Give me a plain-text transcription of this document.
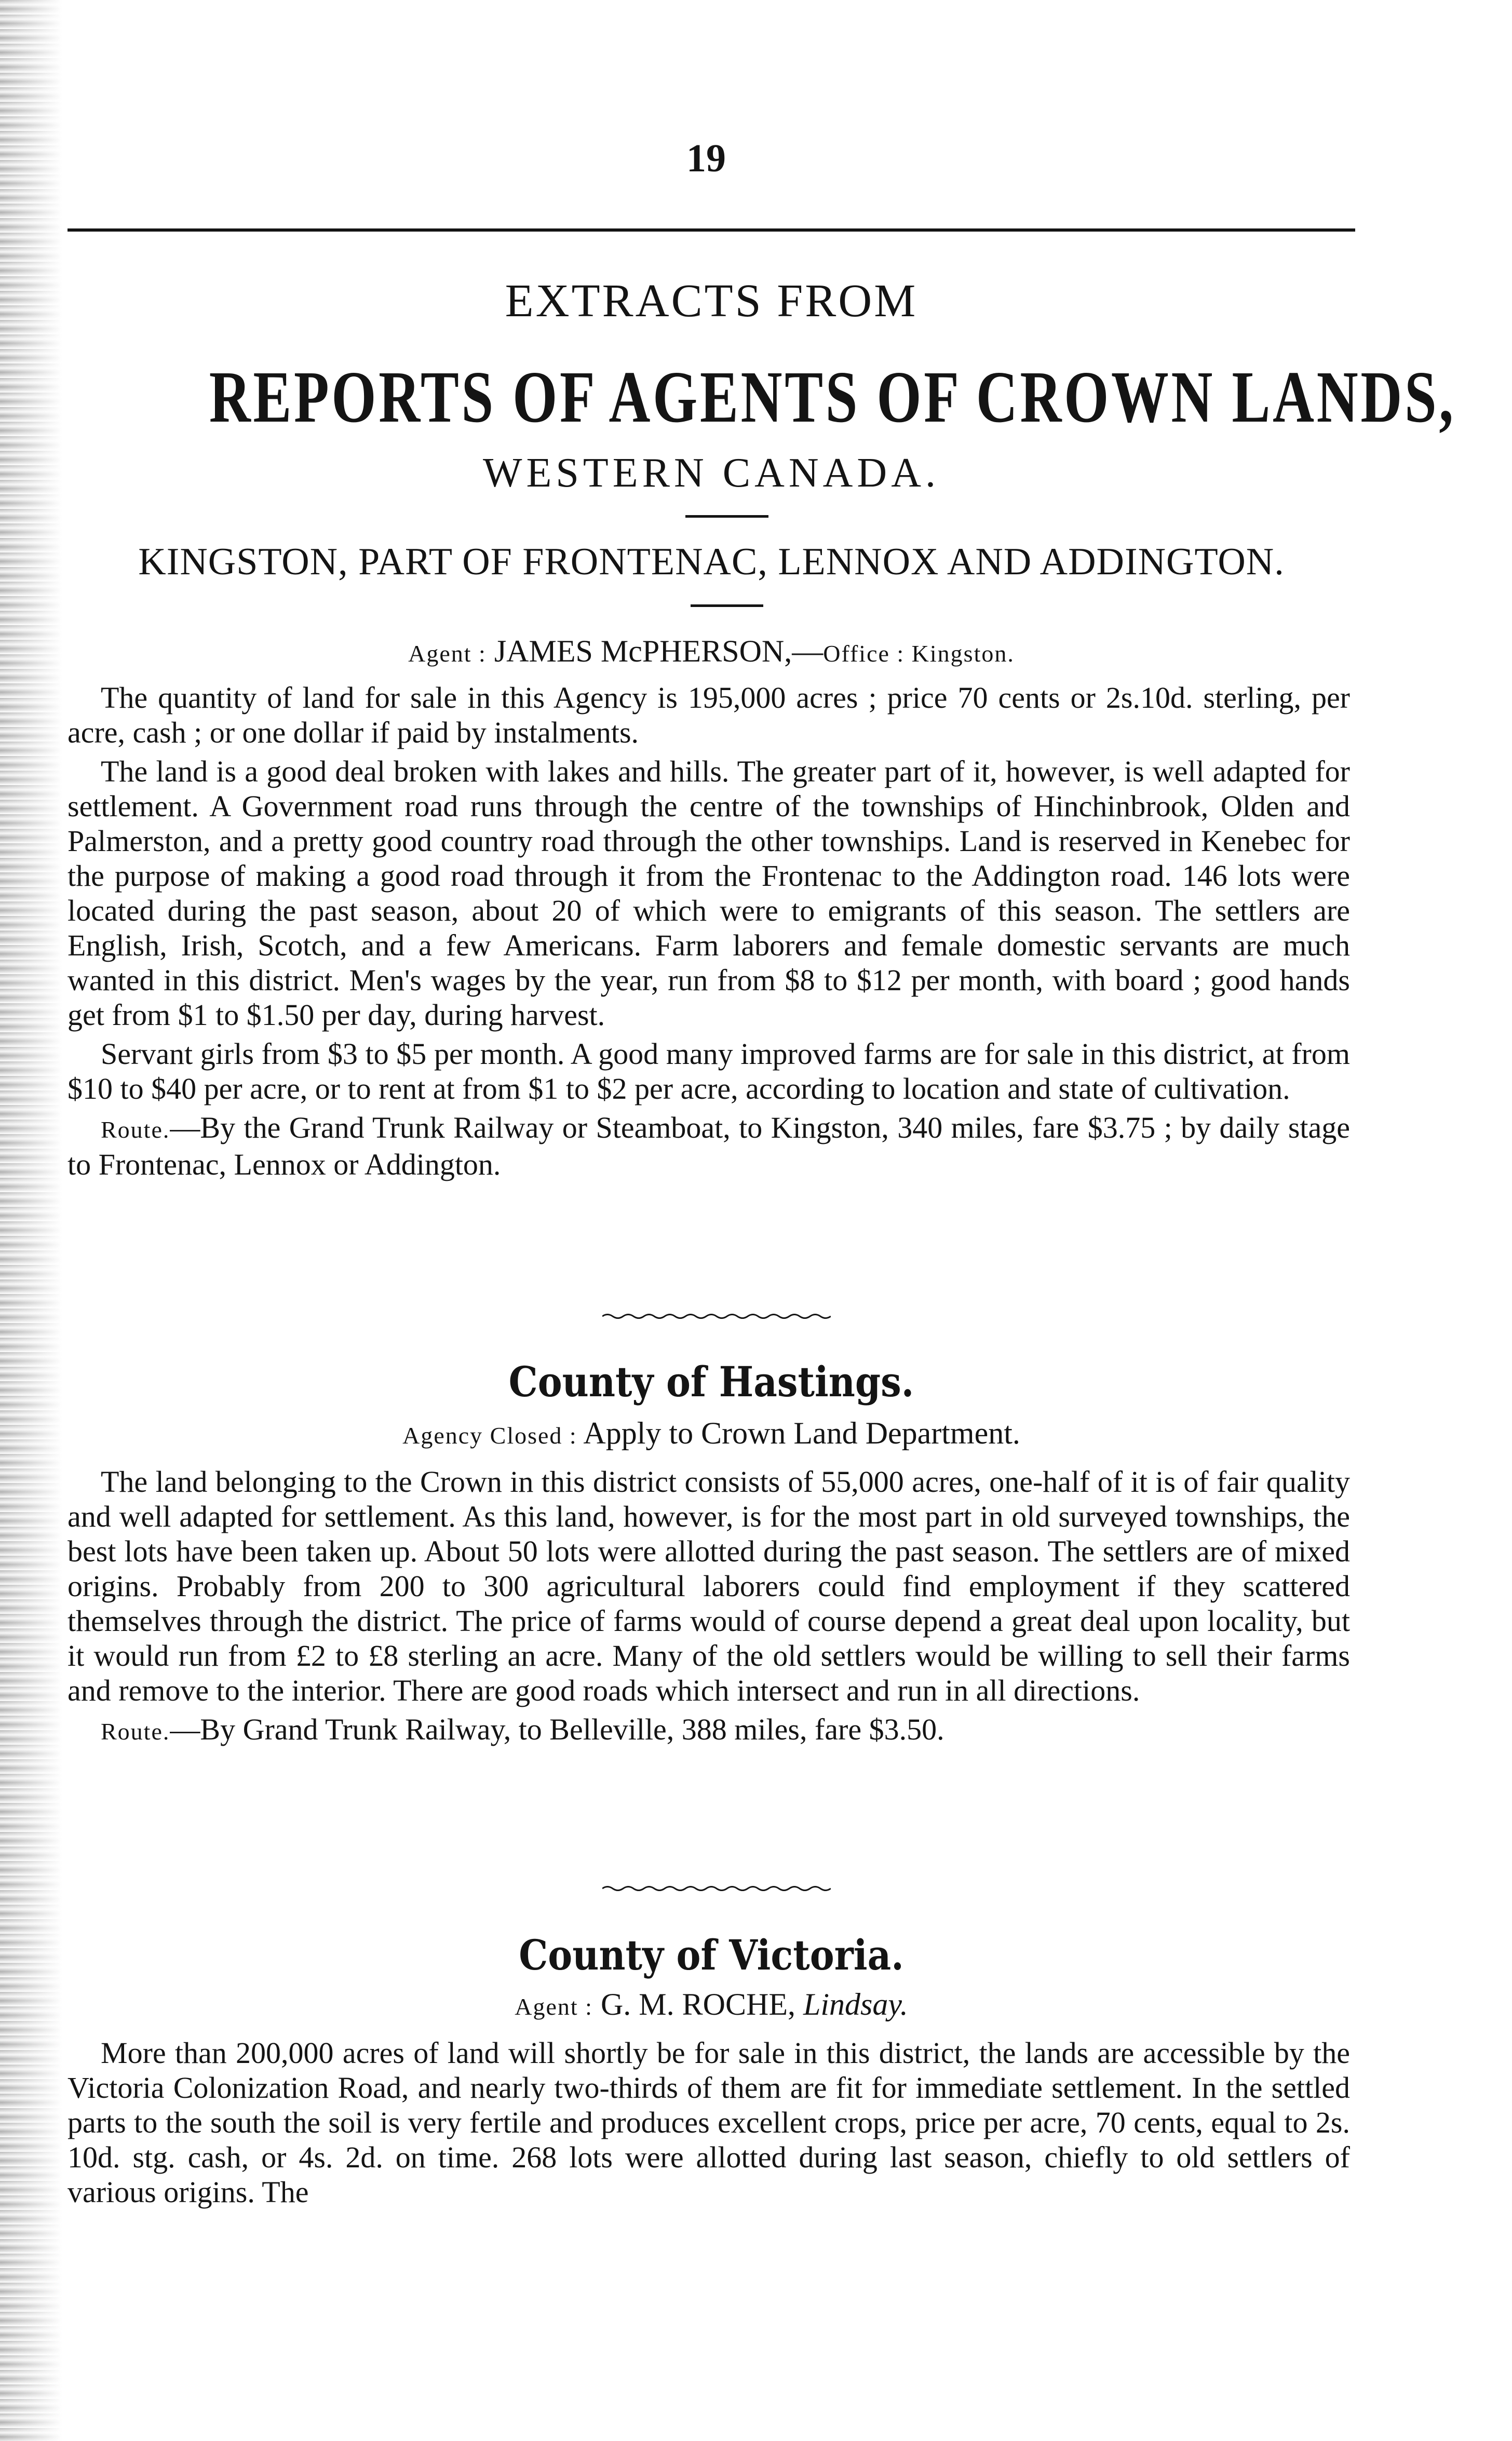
19
EXTRACTS FROM
REPORTS OF AGENTS OF CROWN LANDS,
WESTERN CANADA.
KINGSTON, PART OF FRONTENAC, LENNOX AND ADDINGTON.
Agent : JAMES McPHERSON,—Office : Kingston.

The quantity of land for sale in this Agency is 195,000 acres ; price 70 cents or 2s.10d. sterling, per acre, cash ; or one dollar if paid by instalments.

The land is a good deal broken with lakes and hills. The greater part of it, however, is well adapted for settlement. A Government road runs through the centre of the townships of Hinchinbrook, Olden and Palmerston, and a pretty good country road through the other townships. Land is reserved in Kenebec for the purpose of making a good road through it from the Frontenac to the Addington road. 146 lots were located during the past season, about 20 of which were to emigrants of this season. The settlers are English, Irish, Scotch, and a few Americans. Farm laborers and female domestic servants are much wanted in this district. Men's wages by the year, run from $8 to $12 per month, with board ; good hands get from $1 to $1.50 per day, during harvest.

Servant girls from $3 to $5 per month. A good many improved farms are for sale in this district, at from $10 to $40 per acre, or to rent at from $1 to $2 per acre, according to location and state of cultivation.

Route.—By the Grand Trunk Railway or Steamboat, to Kingston, 340 miles, fare $3.75 ; by daily stage to Frontenac, Lennox or Addington.

County of Hastings.
Agency Closed : Apply to Crown Land Department.

The land belonging to the Crown in this district consists of 55,000 acres, one-half of it is of fair quality and well adapted for settlement. As this land, however, is for the most part in old surveyed townships, the best lots have been taken up. About 50 lots were allotted during the past season. The settlers are of mixed origins. Probably from 200 to 300 agricultural laborers could find employment if they scattered themselves through the district. The price of farms would of course depend a great deal upon locality, but it would run from £2 to £8 sterling an acre. Many of the old settlers would be willing to sell their farms and remove to the interior. There are good roads which intersect and run in all directions.

Route.—By Grand Trunk Railway, to Belleville, 388 miles, fare $3.50.

County of Victoria.
Agent : G. M. ROCHE, Lindsay.

More than 200,000 acres of land will shortly be for sale in this district, the lands are accessible by the Victoria Colonization Road, and nearly two-thirds of them are fit for immediate settlement. In the settled parts to the south the soil is very fertile and produces excellent crops, price per acre, 70 cents, equal to 2s. 10d. stg. cash, or 4s. 2d. on time. 268 lots were allotted during last season, chiefly to old settlers of various origins. The
